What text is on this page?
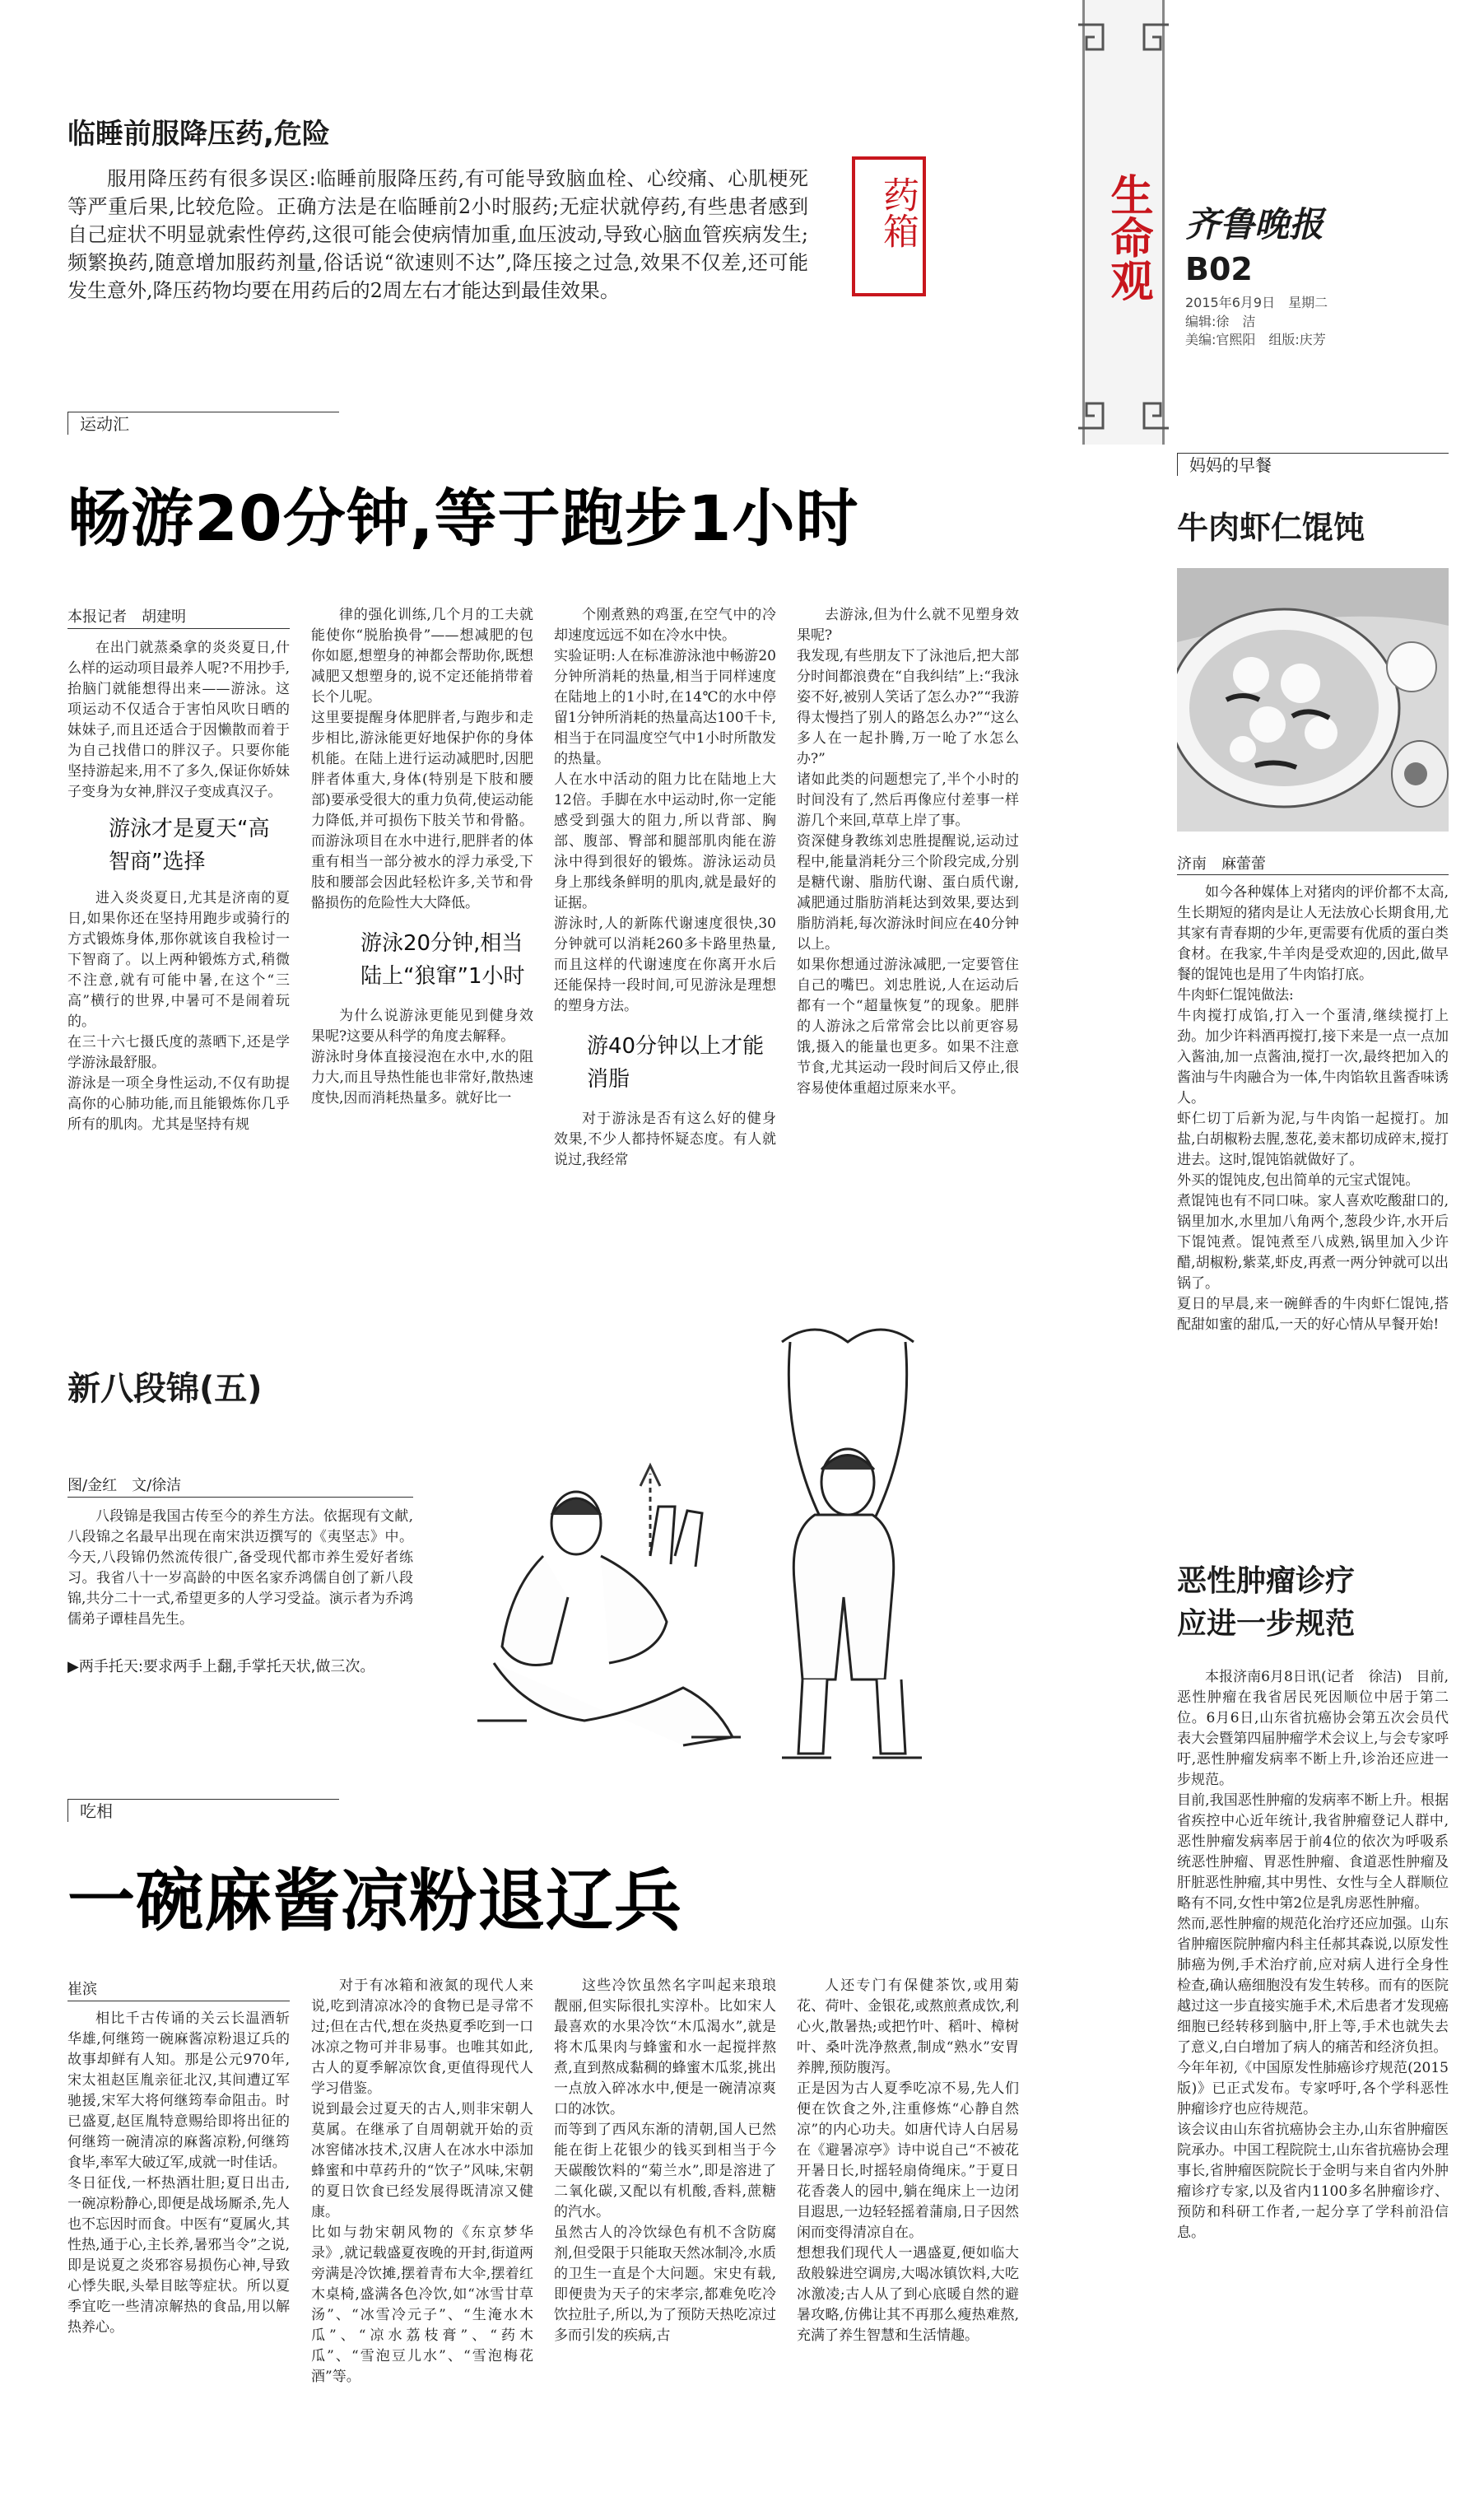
生命观 齐鲁晚报
B02
2015年6月9日　星期二
编辑:徐　洁
美编:官熙阳　组版:庆芳
临睡前服降压药,危险
服用降压药有很多误区:临睡前服降压药,有可能导致脑血栓、心绞痛、心肌梗死等严重后果,比较危险。正确方法是在临睡前2小时服药;无症状就停药,有些患者感到自己症状不明显就索性停药,这很可能会使病情加重,血压波动,导致心脑血管疾病发生;频繁换药,随意增加服药剂量,俗话说“欲速则不达”,降压接之过急,效果不仅差,还可能发生意外,降压药物均要在用药后的2周左右才能达到最佳效果。
药箱
运动汇
畅游20分钟,等于跑步1小时
本报记者　胡建明
在出门就蒸桑拿的炎炎夏日,什么样的运动项目最养人呢?不用抄手,抬脑门就能想得出来——游泳。这项运动不仅适合于害怕风吹日晒的妹妹子,而且还适合于因懒散而着于为自己找借口的胖汉子。只要你能坚持游起来,用不了多久,保证你娇妹子变身为女神,胖汉子变成真汉子。
游泳才是夏天“高智商”选择
进入炎炎夏日,尤其是济南的夏日,如果你还在坚持用跑步或骑行的方式锻炼身体,那你就该自我检讨一下智商了。以上两种锻炼方式,稍微不注意,就有可能中暑,在这个“三高”横行的世界,中暑可不是闹着玩的。
在三十六七摄氏度的蒸晒下,还是学学游泳最舒服。
游泳是一项全身性运动,不仅有助提高你的心肺功能,而且能锻炼你几乎所有的肌肉。尤其是坚持有规
律的强化训练,几个月的工夫就能使你“脱胎换骨”——想减肥的包你如愿,想塑身的神都会帮助你,既想减肥又想塑身的,说不定还能捎带着长个儿呢。
这里要提醒身体肥胖者,与跑步和走步相比,游泳能更好地保护你的身体机能。在陆上进行运动减肥时,因肥胖者体重大,身体(特别是下肢和腰部)要承受很大的重力负荷,使运动能力降低,并可损伤下肢关节和骨骼。而游泳项目在水中进行,肥胖者的体重有相当一部分被水的浮力承受,下肢和腰部会因此轻松许多,关节和骨骼损伤的危险性大大降低。
游泳20分钟,相当陆上“狼窜”1小时
为什么说游泳更能见到健身效果呢?这要从科学的角度去解释。
游泳时身体直接浸泡在水中,水的阻力大,而且导热性能也非常好,散热速度快,因而消耗热量多。就好比一
个刚煮熟的鸡蛋,在空气中的冷却速度远远不如在冷水中快。
实验证明:人在标准游泳池中畅游20分钟所消耗的热量,相当于同样速度在陆地上的1小时,在14℃的水中停留1分钟所消耗的热量高达100千卡,相当于在同温度空气中1小时所散发的热量。
人在水中活动的阻力比在陆地上大12倍。手脚在水中运动时,你一定能感受到强大的阻力,所以背部、胸部、腹部、臀部和腿部肌肉能在游泳中得到很好的锻炼。游泳运动员身上那线条鲜明的肌肉,就是最好的证据。
游泳时,人的新陈代谢速度很快,30分钟就可以消耗260多卡路里热量,而且这样的代谢速度在你离开水后还能保持一段时间,可见游泳是理想的塑身方法。
游40分钟以上才能消脂
对于游泳是否有这么好的健身效果,不少人都持怀疑态度。有人就说过,我经常
去游泳,但为什么就不见塑身效果呢?
我发现,有些朋友下了泳池后,把大部分时间都浪费在“自我纠结”上:“我泳姿不好,被别人笑话了怎么办?”“我游得太慢挡了别人的路怎么办?”“这么多人在一起扑腾,万一呛了水怎么办?”
诸如此类的问题想完了,半个小时的时间没有了,然后再像应付差事一样游几个来回,草草上岸了事。
资深健身教练刘忠胜提醒说,运动过程中,能量消耗分三个阶段完成,分别是糖代谢、脂肪代谢、蛋白质代谢,减肥通过脂肪消耗达到效果,要达到脂肪消耗,每次游泳时间应在40分钟以上。
如果你想通过游泳减肥,一定要管住自己的嘴巴。刘忠胜说,人在运动后都有一个“超量恢复”的现象。肥胖的人游泳之后常常会比以前更容易饿,摄入的能量也更多。如果不注意节食,尤其运动一段时间后又停止,很容易使体重超过原来水平。
新八段锦(五)
图/金红　文/徐洁
八段锦是我国古传至今的养生方法。依据现有文献,八段锦之名最早出现在南宋洪迈撰写的《夷坚志》中。今天,八段锦仍然流传很广,备受现代都市养生爱好者练习。我省八十一岁高龄的中医名家乔鸿儒自创了新八段锦,共分二十一式,希望更多的人学习受益。演示者为乔鸿儒弟子谭桂昌先生。
▶两手托天:要求两手上翻,手掌托天状,做三次。
吃相
一碗麻酱凉粉退辽兵
崔滨
相比千古传诵的关云长温酒斩华雄,何继筠一碗麻酱凉粉退辽兵的故事却鲜有人知。那是公元970年,宋太祖赵匡胤亲征北汉,其间遭辽军驰援,宋军大将何继筠奉命阻击。时已盛夏,赵匡胤特意赐给即将出征的何继筠一碗清凉的麻酱凉粉,何继筠食毕,率军大破辽军,成就一时佳话。
冬日征伐,一杯热酒壮胆;夏日出击,一碗凉粉静心,即便是战场厮杀,先人也不忘因时而食。中医有“夏属火,其性热,通于心,主长养,暑邪当令”之说,即是说夏之炎邪容易损伤心神,导致心悸失眠,头晕目眩等症状。所以夏季宜吃一些清凉解热的食品,用以解热养心。
对于有冰箱和液氮的现代人来说,吃到清凉冰冷的食物已是寻常不过;但在古代,想在炎热夏季吃到一口冰凉之物可并非易事。也唯其如此,古人的夏季解凉饮食,更值得现代人学习借鉴。
说到最会过夏天的古人,则非宋朝人莫属。在继承了自周朝就开始的贡冰窖储冰技术,汉唐人在冰水中添加蜂蜜和中草药升的“饮子”风味,宋朝的夏日饮食已经发展得既清凉又健康。
比如与勃宋朝风物的《东京梦华录》,就记载盛夏夜晚的开封,街道两旁满是冷饮摊,摆着青布大伞,摆着红木桌椅,盛满各色冷饮,如“冰雪甘草汤”、“冰雪冷元子”、“生淹水木瓜”、“凉水荔枝膏”、“药木瓜”、“雪泡豆儿水”、“雪泡梅花酒”等。
这些冷饮虽然名字叫起来琅琅靓丽,但实际很扎实淳朴。比如宋人最喜欢的水果冷饮“木瓜渴水”,就是将木瓜果肉与蜂蜜和水一起搅拌熬煮,直到熬成黏稠的蜂蜜木瓜浆,挑出一点放入碎冰水中,便是一碗清凉爽口的冰饮。
而等到了西风东渐的清朝,国人已然能在街上花银少的钱买到相当于今天碳酸饮料的“菊兰水”,即是溶进了二氧化碳,又配以有机酸,香料,蔗糖的汽水。
虽然古人的冷饮绿色有机不含防腐剂,但受限于只能取天然冰制冷,水质的卫生一直是个大问题。宋史有载,即便贵为天子的宋孝宗,都难免吃冷饮拉肚子,所以,为了预防天热吃凉过多而引发的疾病,古
人还专门有保健茶饮,或用菊花、荷叶、金银花,或熬煎煮成饮,利心火,散暑热;或把竹叶、稻叶、樟树叶、桑叶洗净熬煮,制成“熟水”安胃养脾,预防腹泻。
正是因为古人夏季吃凉不易,先人们便在饮食之外,注重修炼“心静自然凉”的内心功夫。如唐代诗人白居易在《避暑凉亭》诗中说自己“不被花开暑日长,时摇轻扇倚绳床。”于夏日花香袭人的园中,躺在绳床上一边闭目遐思,一边轻轻摇着蒲扇,日子因然闲而变得清凉自在。
想想我们现代人一遇盛夏,便如临大敌般躲进空调房,大喝冰镇饮料,大吃冰激凌;古人从了到心底暖自然的避暑攻略,仿佛让其不再那么瘦热难熬,充满了养生智慧和生活情趣。
妈妈的早餐
牛肉虾仁馄饨
济南　麻蕾蕾
如今各种媒体上对猪肉的评价都不太高,生长期短的猪肉是让人无法放心长期食用,尤其家有青春期的少年,更需要有优质的蛋白类食材。在我家,牛羊肉是受欢迎的,因此,做早餐的馄饨也是用了牛肉馅打底。
牛肉虾仁馄饨做法:
牛肉搅打成馅,打入一个蛋清,继续搅打上劲。加少许料酒再搅打,接下来是一点一点加入酱油,加一点酱油,搅打一次,最终把加入的酱油与牛肉融合为一体,牛肉馅软且酱香味诱人。
虾仁切丁后新为泥,与牛肉馅一起搅打。加盐,白胡椒粉去腥,葱花,姜末都切成碎末,搅打进去。这时,馄饨馅就做好了。
外买的馄饨皮,包出简单的元宝式馄饨。
煮馄饨也有不同口味。家人喜欢吃酸甜口的,锅里加水,水里加八角两个,葱段少许,水开后下馄饨煮。馄饨煮至八成熟,锅里加入少许醋,胡椒粉,紫菜,虾皮,再煮一两分钟就可以出锅了。
夏日的早晨,来一碗鲜香的牛肉虾仁馄饨,搭配甜如蜜的甜瓜,一天的好心情从早餐开始!
恶性肿瘤诊疗
应进一步规范
本报济南6月8日讯(记者　徐洁)　目前,恶性肿瘤在我省居民死因顺位中居于第二位。6月6日,山东省抗癌协会第五次会员代表大会暨第四届肿瘤学术会议上,与会专家呼吁,恶性肿瘤发病率不断上升,诊治还应进一步规范。
目前,我国恶性肿瘤的发病率不断上升。根据省疾控中心近年统计,我省肿瘤登记人群中,恶性肿瘤发病率居于前4位的依次为呼吸系统恶性肿瘤、胃恶性肿瘤、食道恶性肿瘤及肝脏恶性肿瘤,其中男性、女性与全人群顺位略有不同,女性中第2位是乳房恶性肿瘤。
然而,恶性肿瘤的规范化治疗还应加强。山东省肿瘤医院肿瘤内科主任郝其森说,以原发性肺癌为例,手术治疗前,应对病人进行全身性检查,确认癌细胞没有发生转移。而有的医院越过这一步直接实施手术,术后患者才发现癌细胞已经转移到脑中,肝上等,手术也就失去了意义,白白增加了病人的痛苦和经济负担。
今年年初,《中国原发性肺癌诊疗规范(2015版)》已正式发布。专家呼吁,各个学科恶性肿瘤诊疗也应待规范。
该会议由山东省抗癌协会主办,山东省肿瘤医院承办。中国工程院院士,山东省抗癌协会理事长,省肿瘤医院院长于金明与来自省内外肿瘤诊疗专家,以及省内1100多名肿瘤诊疗、预防和科研工作者,一起分享了学科前沿信息。
